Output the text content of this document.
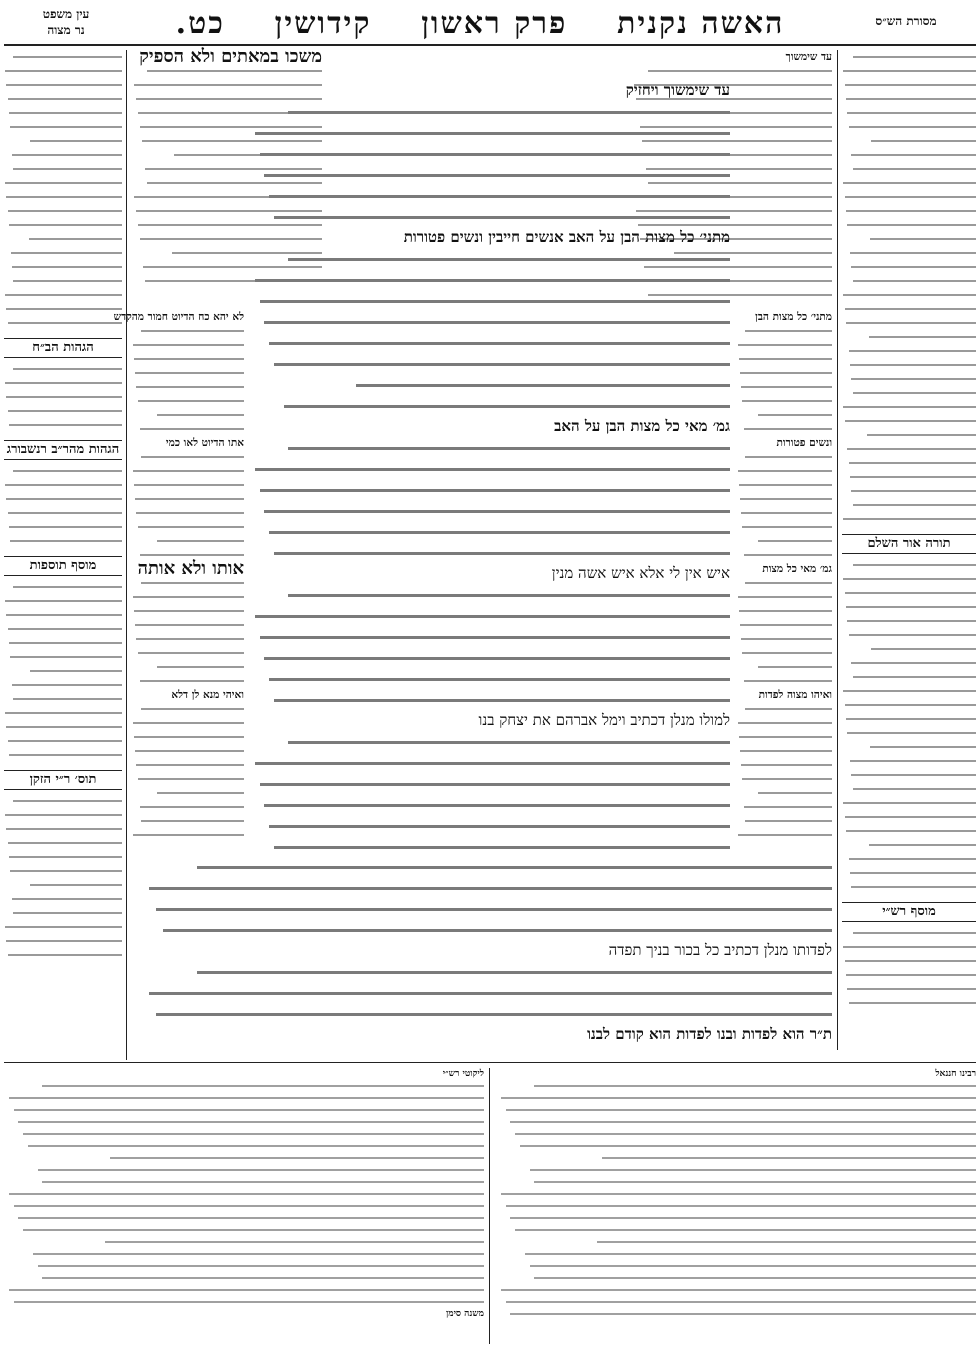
מסורת הש״ס
האשה נקנית    פרק ראשון    קידושין    כט.
עין משפט
נר מצוה
תורה אור השלם
מוסף רש״י
הגהות הב״ח
הגהות מהר״ב רנשבורג
מוסף תוספות
תוס׳ ר״י הזקן
עד שימשוך
מתני׳ כל מצות הבן
ונשים פטורות
גמ׳ מאי כל מצות
ואיהו מצוה לפדות
משכו במאתים ולא הספיק
לא יהא כח הדיוט חמור מהקדש
אתו הדיוט לאו כמי
אותו ולא אותה
ואיהי מנא לן דלא
עד שימשוך ויחזיק
מתני׳ כל מצות הבן על האב אנשים חייבין ונשים פטורות
גמ׳ מאי כל מצות הבן על האב
איש אין לי אלא איש אשה מנין
למולו מנלן דכתיב וימל אברהם את יצחק בנו
לפדותו מנלן דכתיב כל בכור בניך תפדה
ת״ר הוא לפדות ובנו לפדות הוא קודם לבנו
רבינו חננאל
ליקוטי רש״י
משנה סימן
